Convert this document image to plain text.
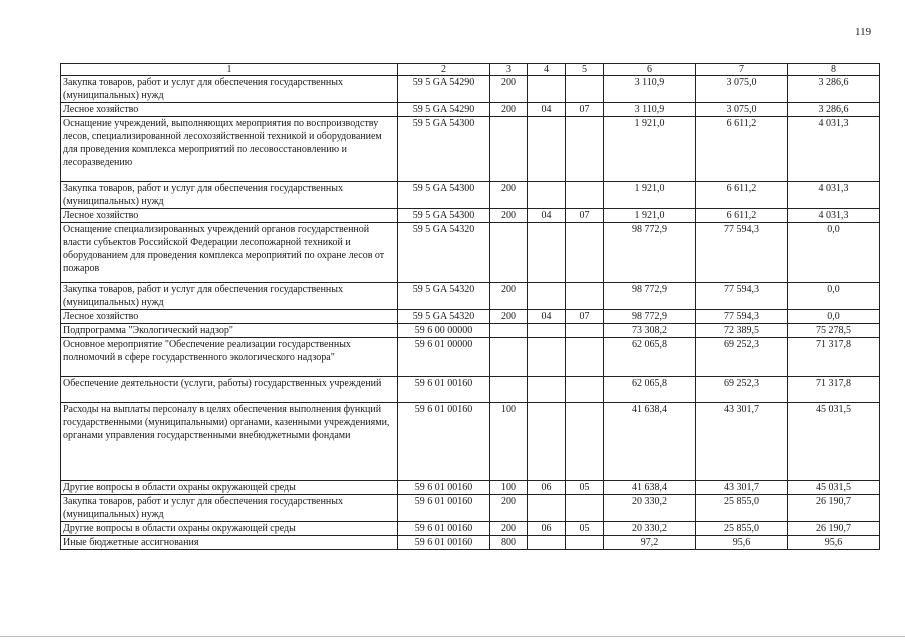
119
1	2	3	4	5	6	7	8
Закупка товаров, работ и услуг для обеспечения государственных (муниципальных) нужд	59 5 GA 54290	200			3 110,9	3 075,0	3 286,6
Лесное хозяйство	59 5 GA 54290	200	04	07	3 110,9	3 075,0	3 286,6
Оснащение учреждений, выполняющих мероприятия по воспроизводству лесов, специализированной лесохозяйственной техникой и оборудованием для проведения комплекса мероприятий по лесовосстановлению и лесоразведению	59 5 GA 54300				1 921,0	6 611,2	4 031,3
Закупка товаров, работ и услуг для обеспечения государственных (муниципальных) нужд	59 5 GA 54300	200			1 921,0	6 611,2	4 031,3
Лесное хозяйство	59 5 GA 54300	200	04	07	1 921,0	6 611,2	4 031,3
Оснащение специализированных учреждений органов государственной власти субъектов Российской Федерации лесопожарной техникой и оборудованием для проведения комплекса мероприятий по охране лесов от пожаров	59 5 GA 54320				98 772,9	77 594,3	0,0
Закупка товаров, работ и услуг для обеспечения государственных (муниципальных) нужд	59 5 GA 54320	200			98 772,9	77 594,3	0,0
Лесное хозяйство	59 5 GA 54320	200	04	07	98 772,9	77 594,3	0,0
Подпрограмма "Экологический надзор"	59 6 00 00000				73 308,2	72 389,5	75 278,5
Основное мероприятие "Обеспечение реализации государственных полномочий в сфере государственного экологического надзора"	59 6 01 00000				62 065,8	69 252,3	71 317,8
Обеспечение деятельности (услуги, работы) государственных учреждений	59 6 01 00160				62 065,8	69 252,3	71 317,8
Расходы на выплаты персоналу в целях обеспечения выполнения функций государственными (муниципальными) органами, казенными учреждениями, органами управления государственными внебюджетными фондами	59 6 01 00160	100			41 638,4	43 301,7	45 031,5
Другие вопросы в области охраны окружающей среды	59 6 01 00160	100	06	05	41 638,4	43 301,7	45 031,5
Закупка товаров, работ и услуг для обеспечения государственных (муниципальных) нужд	59 6 01 00160	200			20 330,2	25 855,0	26 190,7
Другие вопросы в области охраны окружающей среды	59 6 01 00160	200	06	05	20 330,2	25 855,0	26 190,7
Иные бюджетные ассигнования	59 6 01 00160	800			97,2	95,6	95,6
